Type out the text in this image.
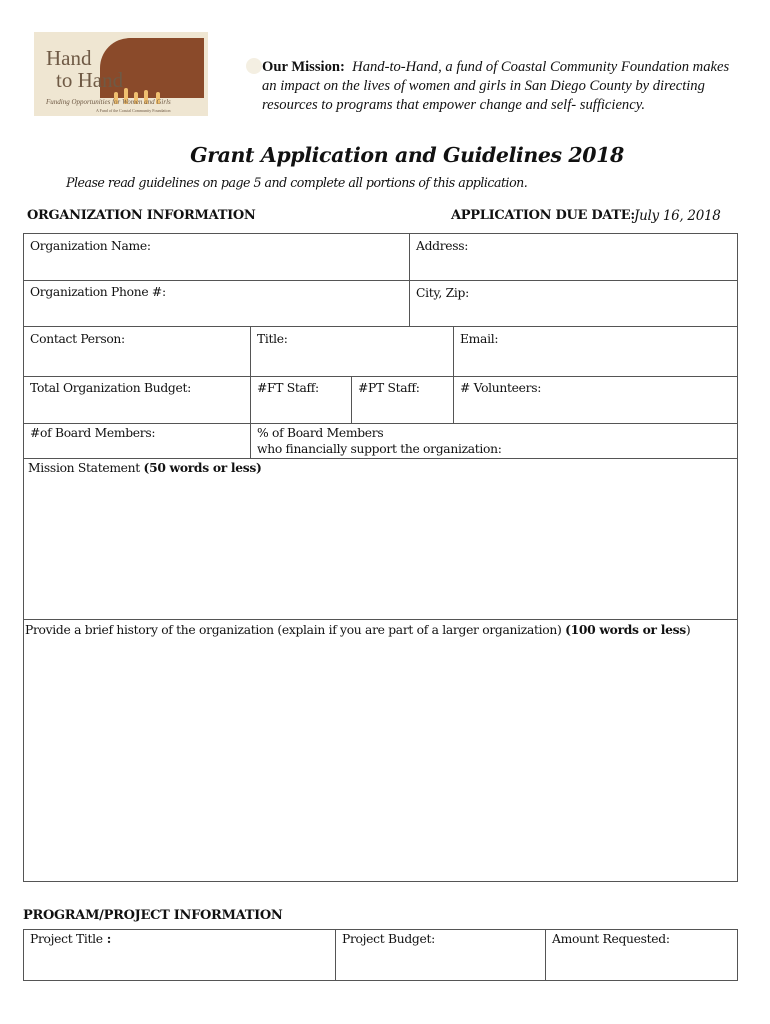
Hand
to Hand
Funding Opportunities for Women and Girls
A Fund of the Coastal Community Foundation
Our Mission: Hand-to-Hand, a fund of Coastal Community Foundation makes an impact on the lives of women and girls in San Diego County by directing resources to programs that empower change and self- sufficiency.
Grant Application and Guidelines 2018
Please read guidelines on page 5 and complete all portions of this application.
ORGANIZATION INFORMATION	APPLICATION DUE DATE: July 16, 2018
Organization Name:	Address:
Organization Phone #:	City, Zip:
Contact Person:	Title:	Email:
Total Organization Budget:	#FT Staff:	#PT Staff:	# Volunteers:
#of Board Members:	% of Board Members
who financially support the organization:
Mission Statement (50 words or less)
Provide a brief history of the organization (explain if you are part of a larger organization) (100 words or less)
PROGRAM/PROJECT INFORMATION
Project Title :	Project Budget:	Amount Requested:
